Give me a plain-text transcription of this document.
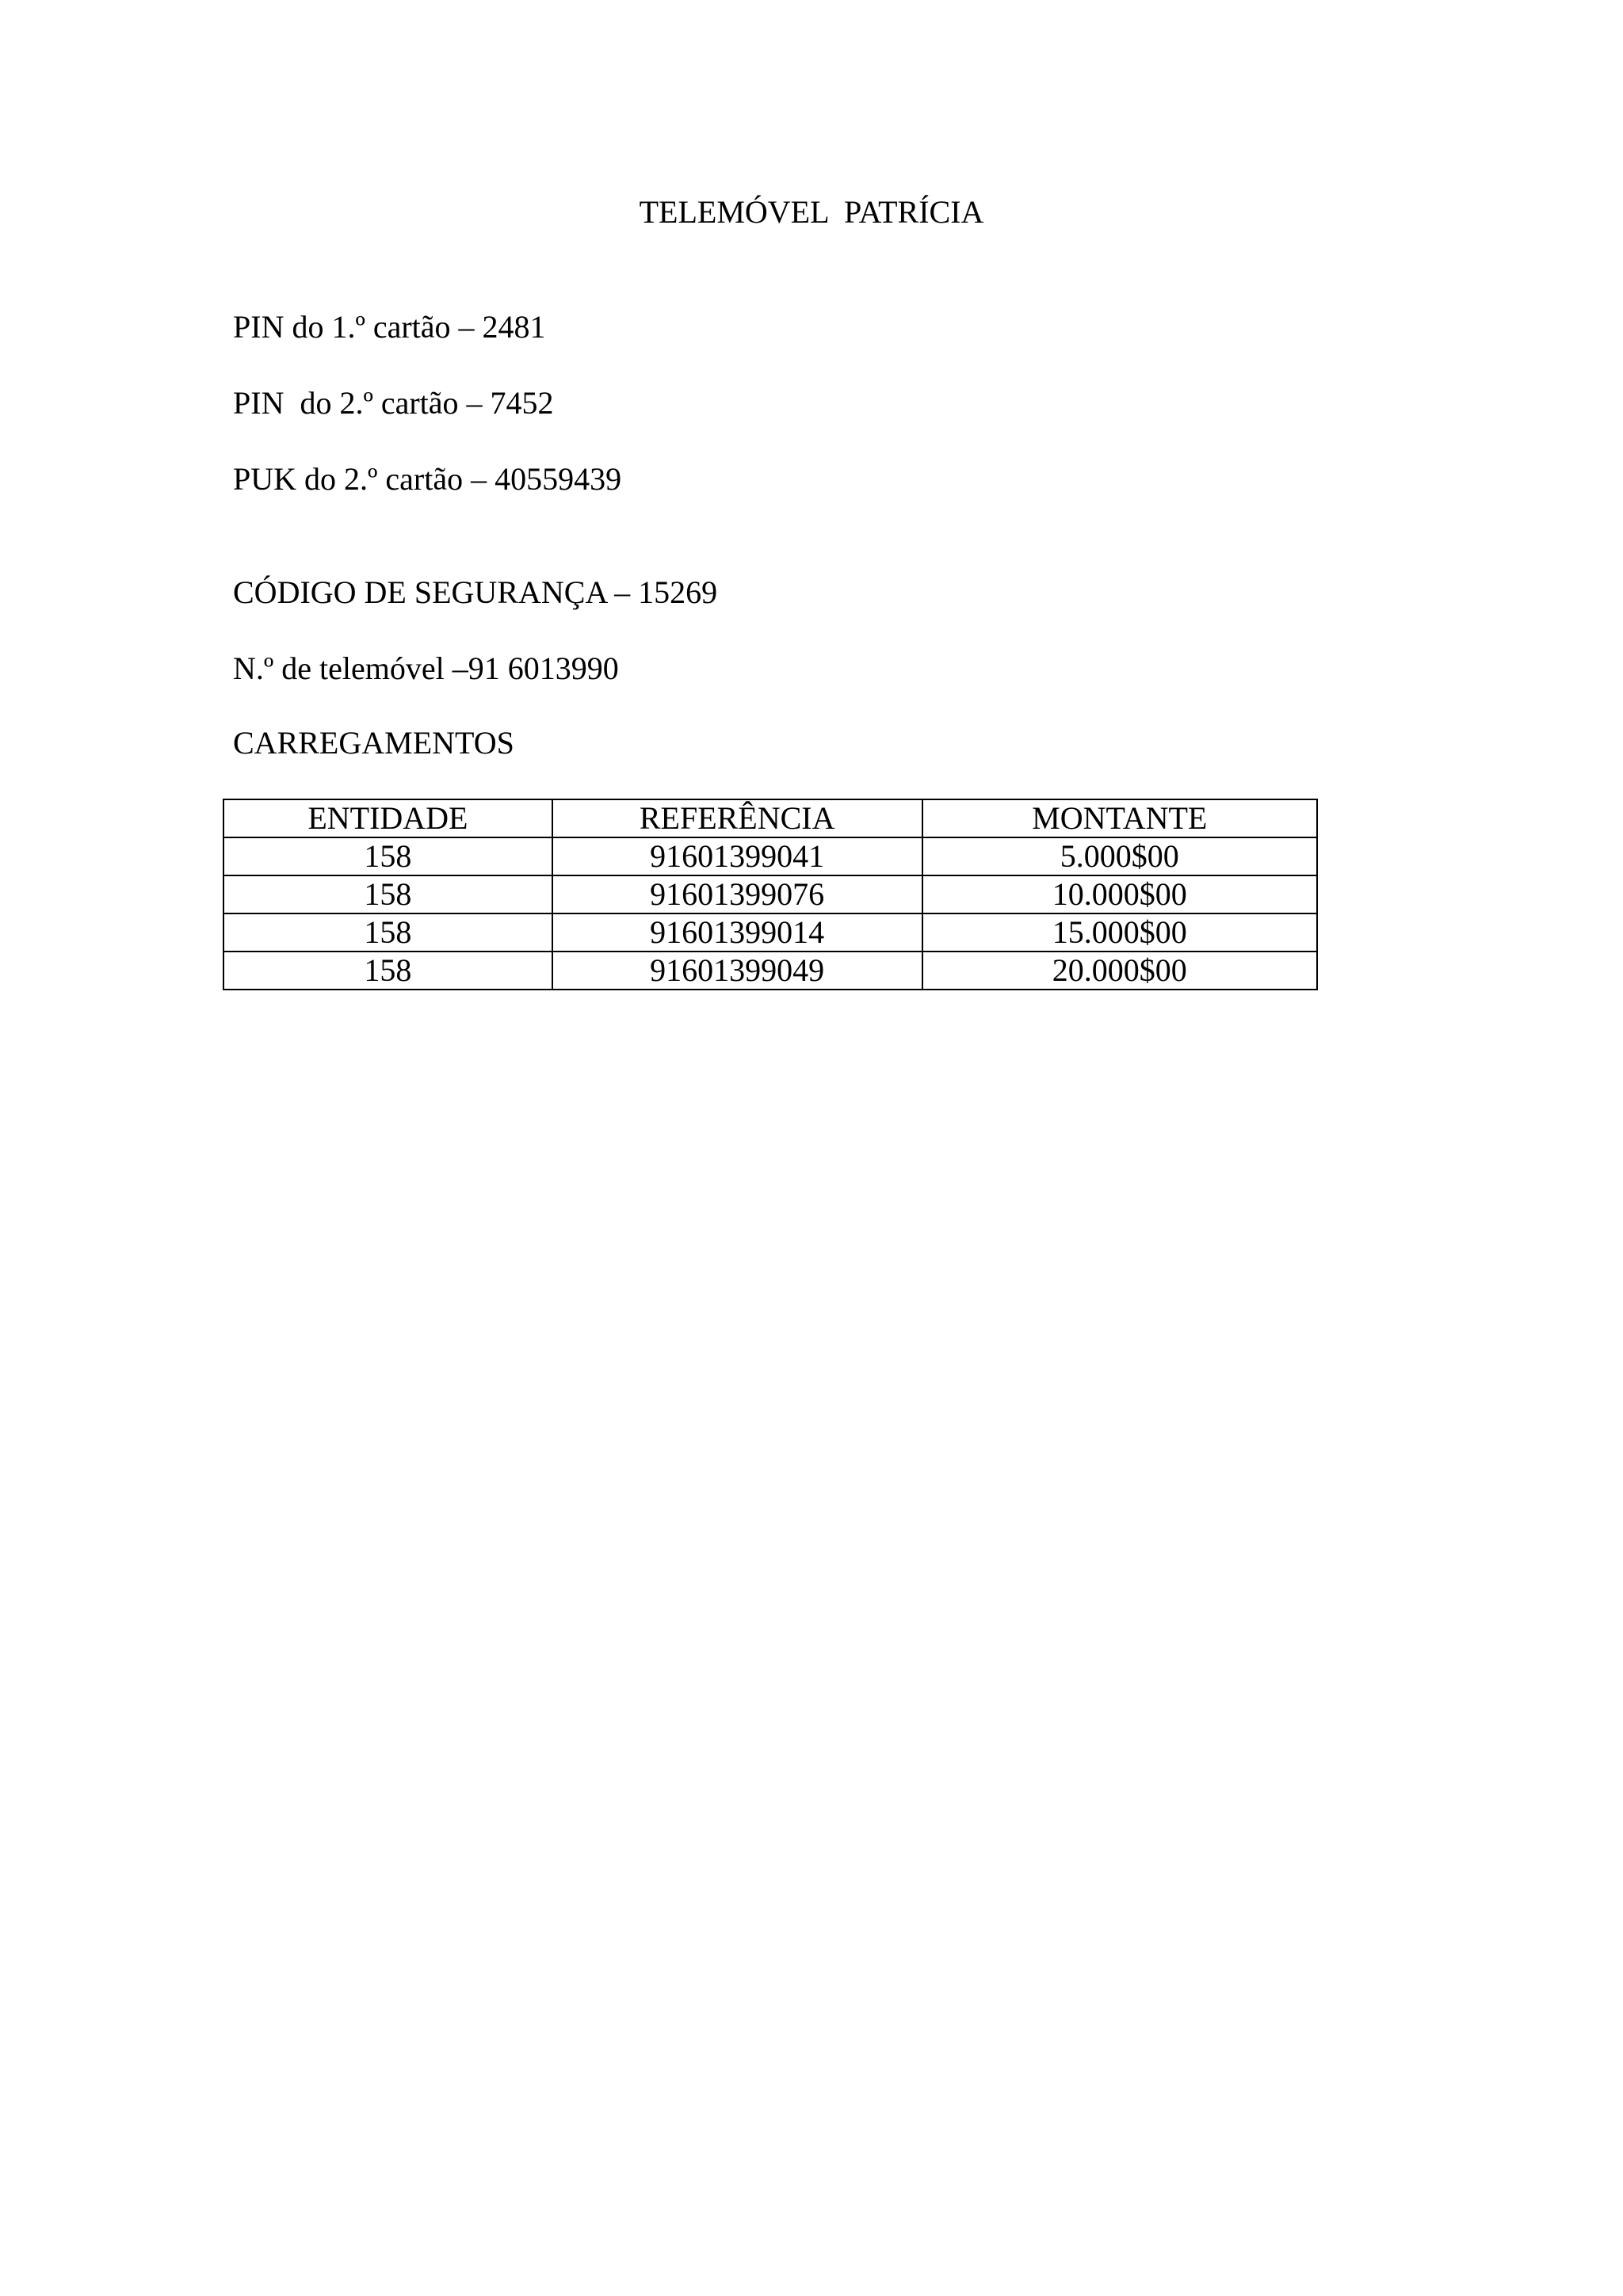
TELEMÓVEL  PATRÍCIA
PIN do 1.º cartão – 2481
PIN  do 2.º cartão – 7452
PUK do 2.º cartão – 40559439
CÓDIGO DE SEGURANÇA – 15269
N.º de telemóvel –91 6013990
CARREGAMENTOS
ENTIDADE	REFERÊNCIA	MONTANTE
158	91601399041	5.000$00
158	91601399076	10.000$00
158	91601399014	15.000$00
158	91601399049	20.000$00
